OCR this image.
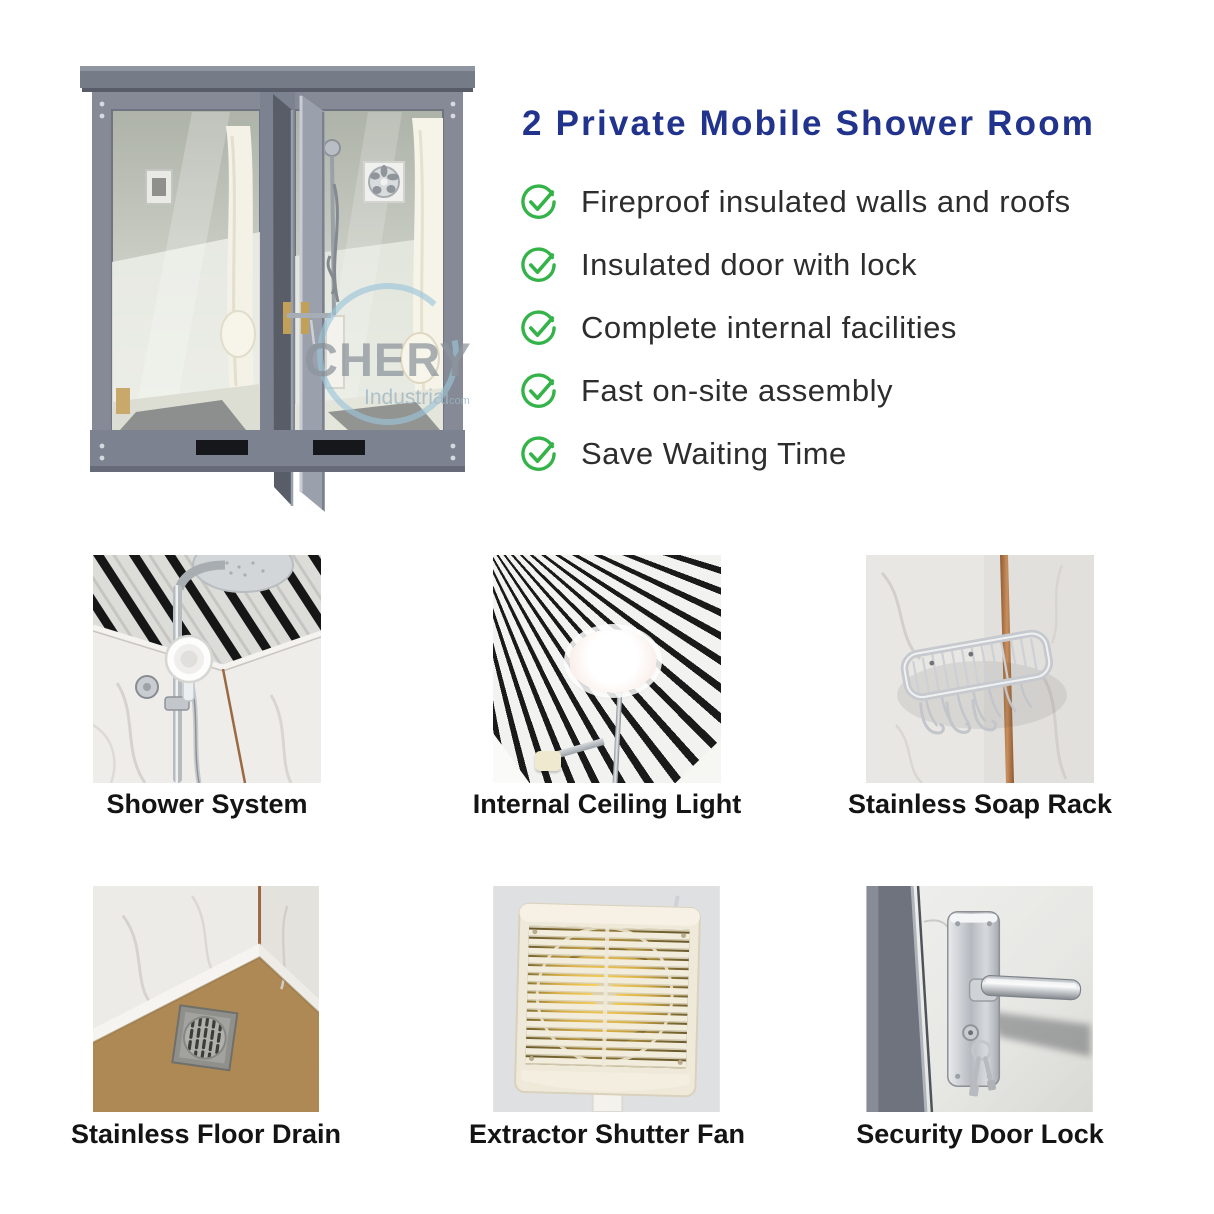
CHERY
Industrial
.com
2 Private Mobile Shower Room
Fireproof insulated walls and roofs
Insulated door with lock
Complete internal facilities
Fast on-site assembly
Save Waiting Time
Shower System	Internal Ceiling Light	Stainless Soap Rack
Stainless Floor Drain	Extractor Shutter Fan	Security Door Lock
